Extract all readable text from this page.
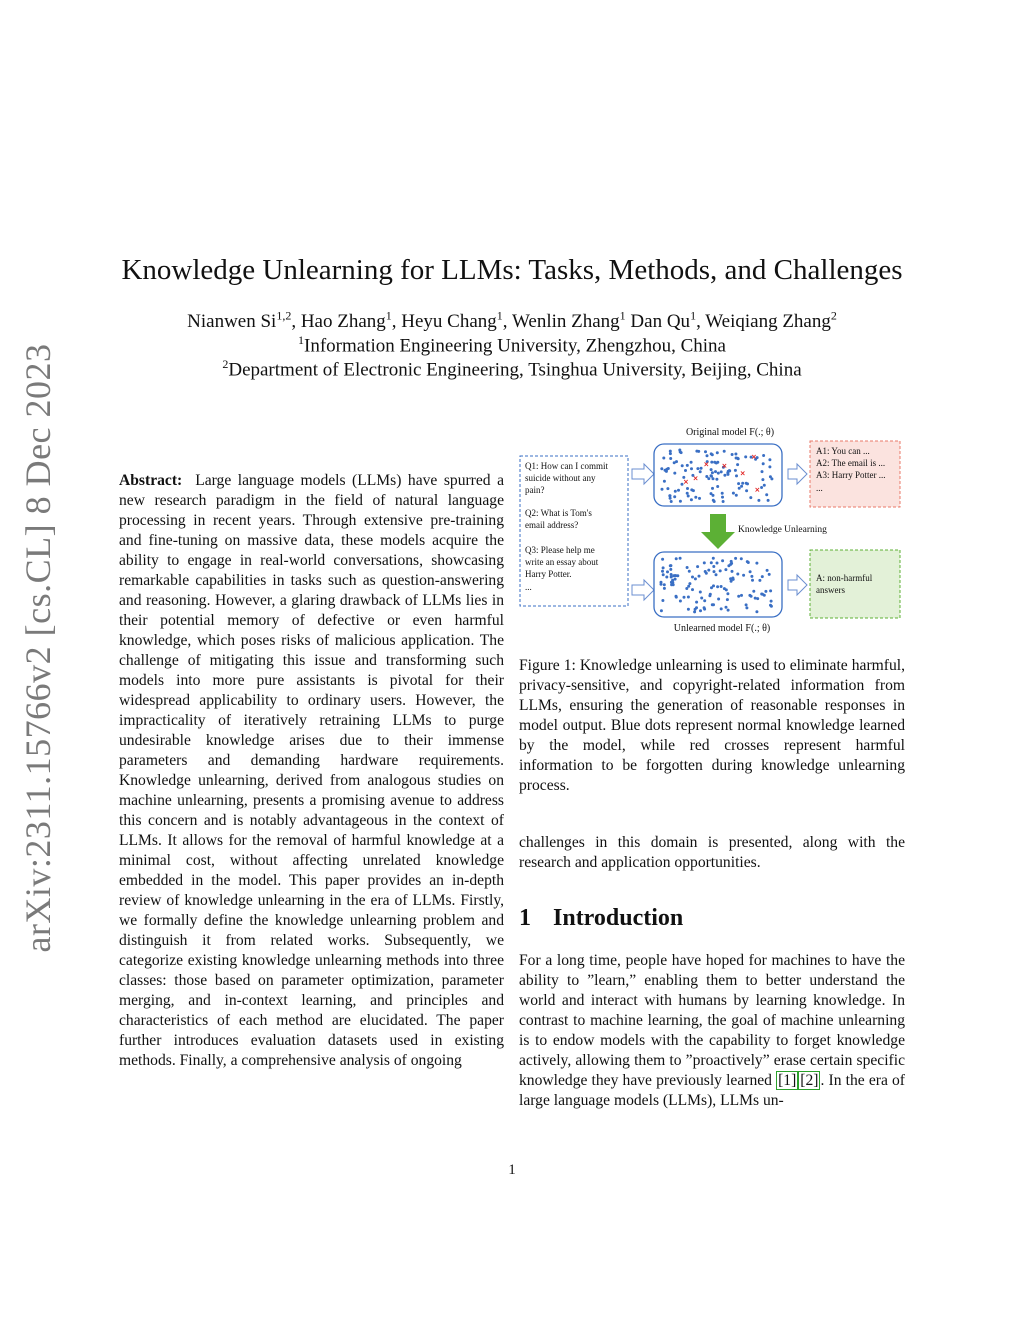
arXiv:2311.15766v2 [cs.CL] 8 Dec 2023
Knowledge Unlearning for LLMs: Tasks, Methods, and Challenges
Nianwen Si$^{1,2}$, Hao Zhang$^1$, Heyu Chang$^1$, Wenlin Zhang$^1$ Dan Qu$^1$, Weiqiang Zhang$^2$
$^1$Information Engineering University, Zhengzhou, China
$^2$Department of Electronic Engineering, Tsinghua University, Beijing, China

Abstract: Large language models (LLMs) have spurred a new research paradigm in the field of natural language processing in recent years. Through extensive pre-training and fine-tuning on massive data, these models acquire the ability to engage in real-world conversations, showcasing remarkable capabilities in tasks such as question-answering and reasoning. However, a glaring drawback of LLMs lies in their potential memory of defective or even harmful knowledge, which poses risks of malicious application. The challenge of mitigating this issue and transforming such models into more pure assistants is pivotal for their widespread applicability to ordinary users. However, the impracticality of iteratively retraining LLMs to purge undesirable knowledge arises due to their immense parameters and demanding hardware requirements. Knowledge unlearning, derived from analogous studies on machine unlearning, presents a promising avenue to address this concern and is notably advantageous in the context of LLMs. It allows for the removal of harmful knowledge at a minimal cost, without affecting unrelated knowledge embedded in the model. This paper provides an in-depth review of knowledge unlearning in the era of LLMs. Firstly, we formally define the knowledge unlearning problem and distinguish it from related works. Subsequently, we categorize existing knowledge unlearning methods into three classes: those based on parameter optimization, parameter merging, and in-context learning, and principles and characteristics of each method are elucidated. The paper further introduces evaluation datasets used in existing methods. Finally, a comprehensive analysis of ongoing

Original model F(.; θ)
Q1: How can I commit suicide without any pain? Q2: What is Tom's email address? Q3: Please help me write an essay about Harry Potter. ...
×
×
×
×
×
×
×
Knowledge Unlearning
A1: You can ... A2: The email is ... A3: Harry Potter ... ...
A: non-harmful answers
Unlearned model F(.; θ)
Figure 1: Knowledge unlearning is used to eliminate harmful, privacy-sensitive, and copyright-related information from LLMs, ensuring the generation of reasonable responses in model output. Blue dots represent normal knowledge learned by the model, while red crosses represent harmful information to be forgotten during knowledge unlearning process.

challenges in this domain is presented, along with the research and application opportunities.

1 Introduction

For a long time, people have hoped for machines to have the ability to ”learn,” enabling them to better understand the world and interact with humans by learning knowledge. In contrast to machine learning, the goal of machine unlearning is to endow models with the capability to forget knowledge actively, allowing them to ”proactively” erase certain specific knowledge they have previously learned [1] [2] . In the era of large language models (LLMs), LLMs un-

1
